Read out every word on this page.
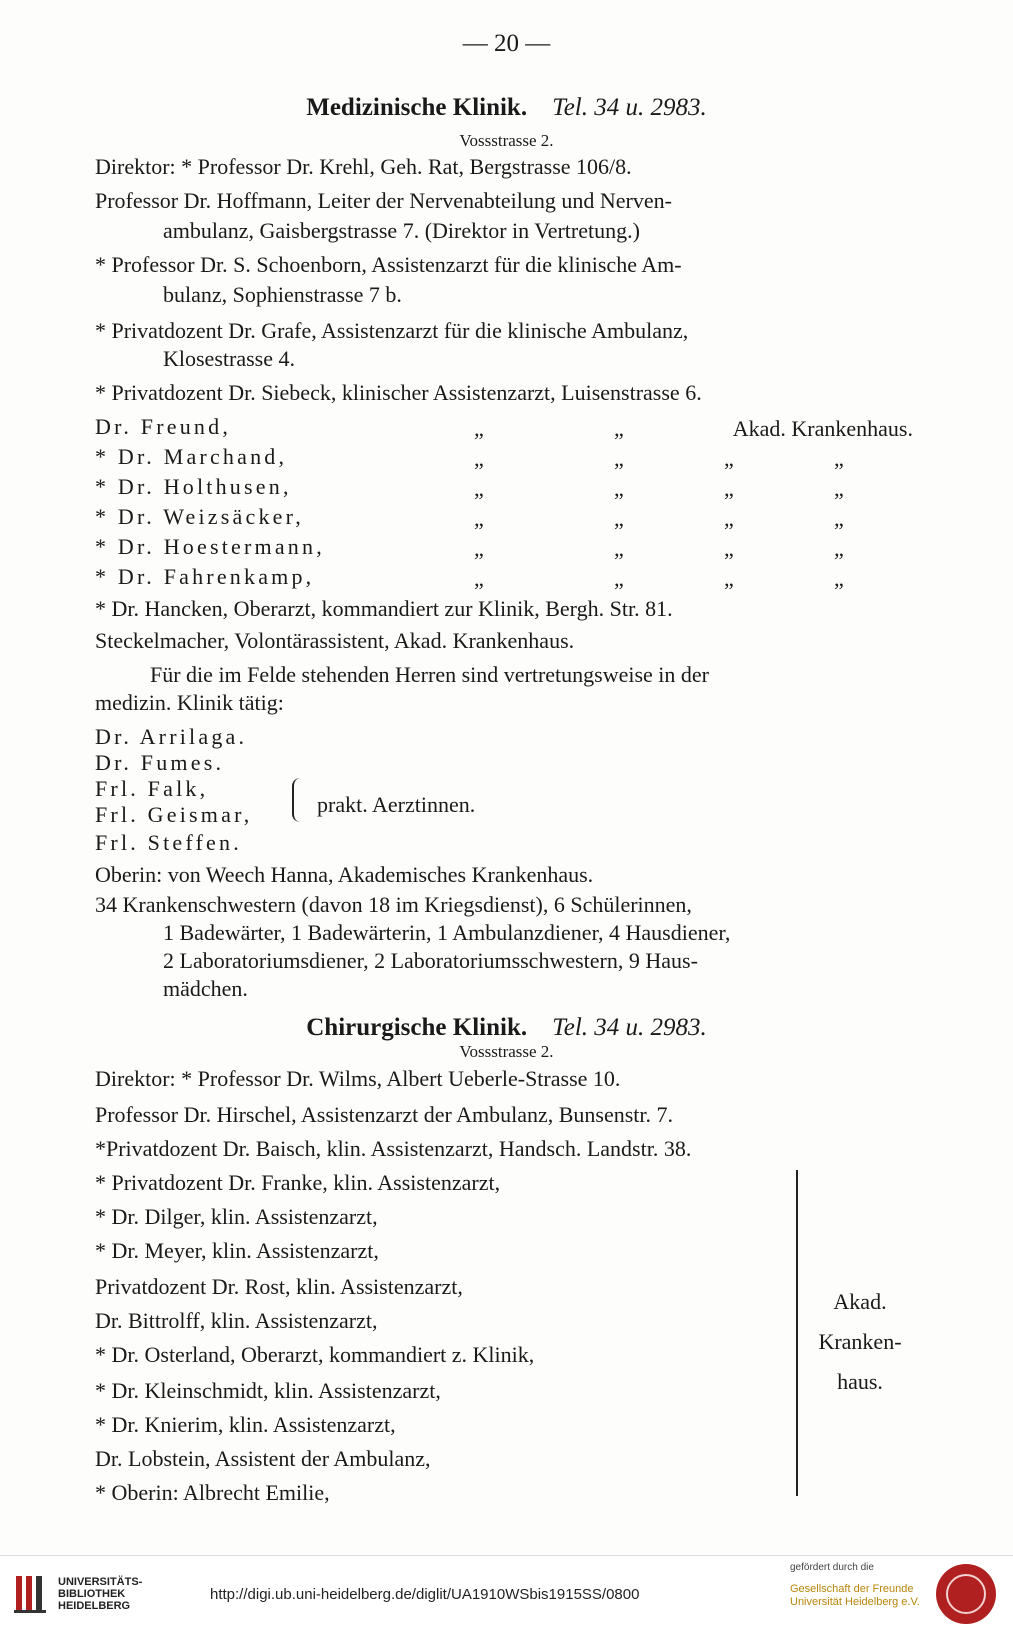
— 20 —
Medizinische Klinik. Tel. 34 u. 2983.
Vossstrasse 2.
Direktor: * Professor Dr. Krehl, Geh. Rat, Bergstrasse 106/8.
Professor Dr. Hoffmann, Leiter der Nervenabteilung und Nerven-
ambulanz, Gaisbergstrasse 7. (Direktor in Vertretung.)
* Professor Dr. S. Schoenborn, Assistenzarzt für die klinische Am-
bulanz, Sophienstrasse 7 b.
* Privatdozent Dr. Grafe, Assistenzarzt für die klinische Ambulanz,
Klosestrasse 4.
* Privatdozent Dr. Siebeck, klinischer Assistenzarzt, Luisenstrasse 6.
Dr. Freund,	„	„	Akad. Krankenhaus.
* Dr. Marchand,	„	„	„	„
* Dr. Holthusen,	„	„	„	„
* Dr. Weizsäcker,	„	„	„	„
* Dr. Hoestermann,	„	„	„	„
* Dr. Fahrenkamp,	„	„	„	„
* Dr. Hancken, Oberarzt, kommandiert zur Klinik, Bergh. Str. 81.
Steckelmacher, Volontärassistent, Akad. Krankenhaus.
Für die im Felde stehenden Herren sind vertretungsweise in der
medizin. Klinik tätig:
Dr. Arrilaga.
Dr. Fumes.
Frl. Falk,
Frl. Geismar,	prakt. Aerztinnen.
Frl. Steffen.
Oberin: von Weech Hanna, Akademisches Krankenhaus.
34 Krankenschwestern (davon 18 im Kriegsdienst), 6 Schülerinnen,
1 Badewärter, 1 Badewärterin, 1 Ambulanzdiener, 4 Hausdiener,
2 Laboratoriumsdiener, 2 Laboratoriumsschwestern, 9 Haus-
mädchen.
Chirurgische Klinik. Tel. 34 u. 2983.
Vossstrasse 2.
Direktor: * Professor Dr. Wilms, Albert Ueberle-Strasse 10.
Professor Dr. Hirschel, Assistenzarzt der Ambulanz, Bunsenstr. 7.
*Privatdozent Dr. Baisch, klin. Assistenzarzt, Handsch. Landstr. 38.
* Privatdozent Dr. Franke, klin. Assistenzarzt,
* Dr. Dilger, klin. Assistenzarzt,
* Dr. Meyer, klin. Assistenzarzt,
Privatdozent Dr. Rost, klin. Assistenzarzt,
Dr. Bittrolff, klin. Assistenzarzt,
* Dr. Osterland, Oberarzt, kommandiert z. Klinik,
* Dr. Kleinschmidt, klin. Assistenzarzt,
* Dr. Knierim, klin. Assistenzarzt,
Dr. Lobstein, Assistent der Ambulanz,
* Oberin: Albrecht Emilie,
Akad.
Kranken-
haus.
UNIVERSITÄTS-
BIBLIOTHEK
HEIDELBERG
http://digi.ub.uni-heidelberg.de/diglit/UA1910WSbis1915SS/0800
gefördert durch die
Gesellschaft der Freunde
Universität Heidelberg e.V.
